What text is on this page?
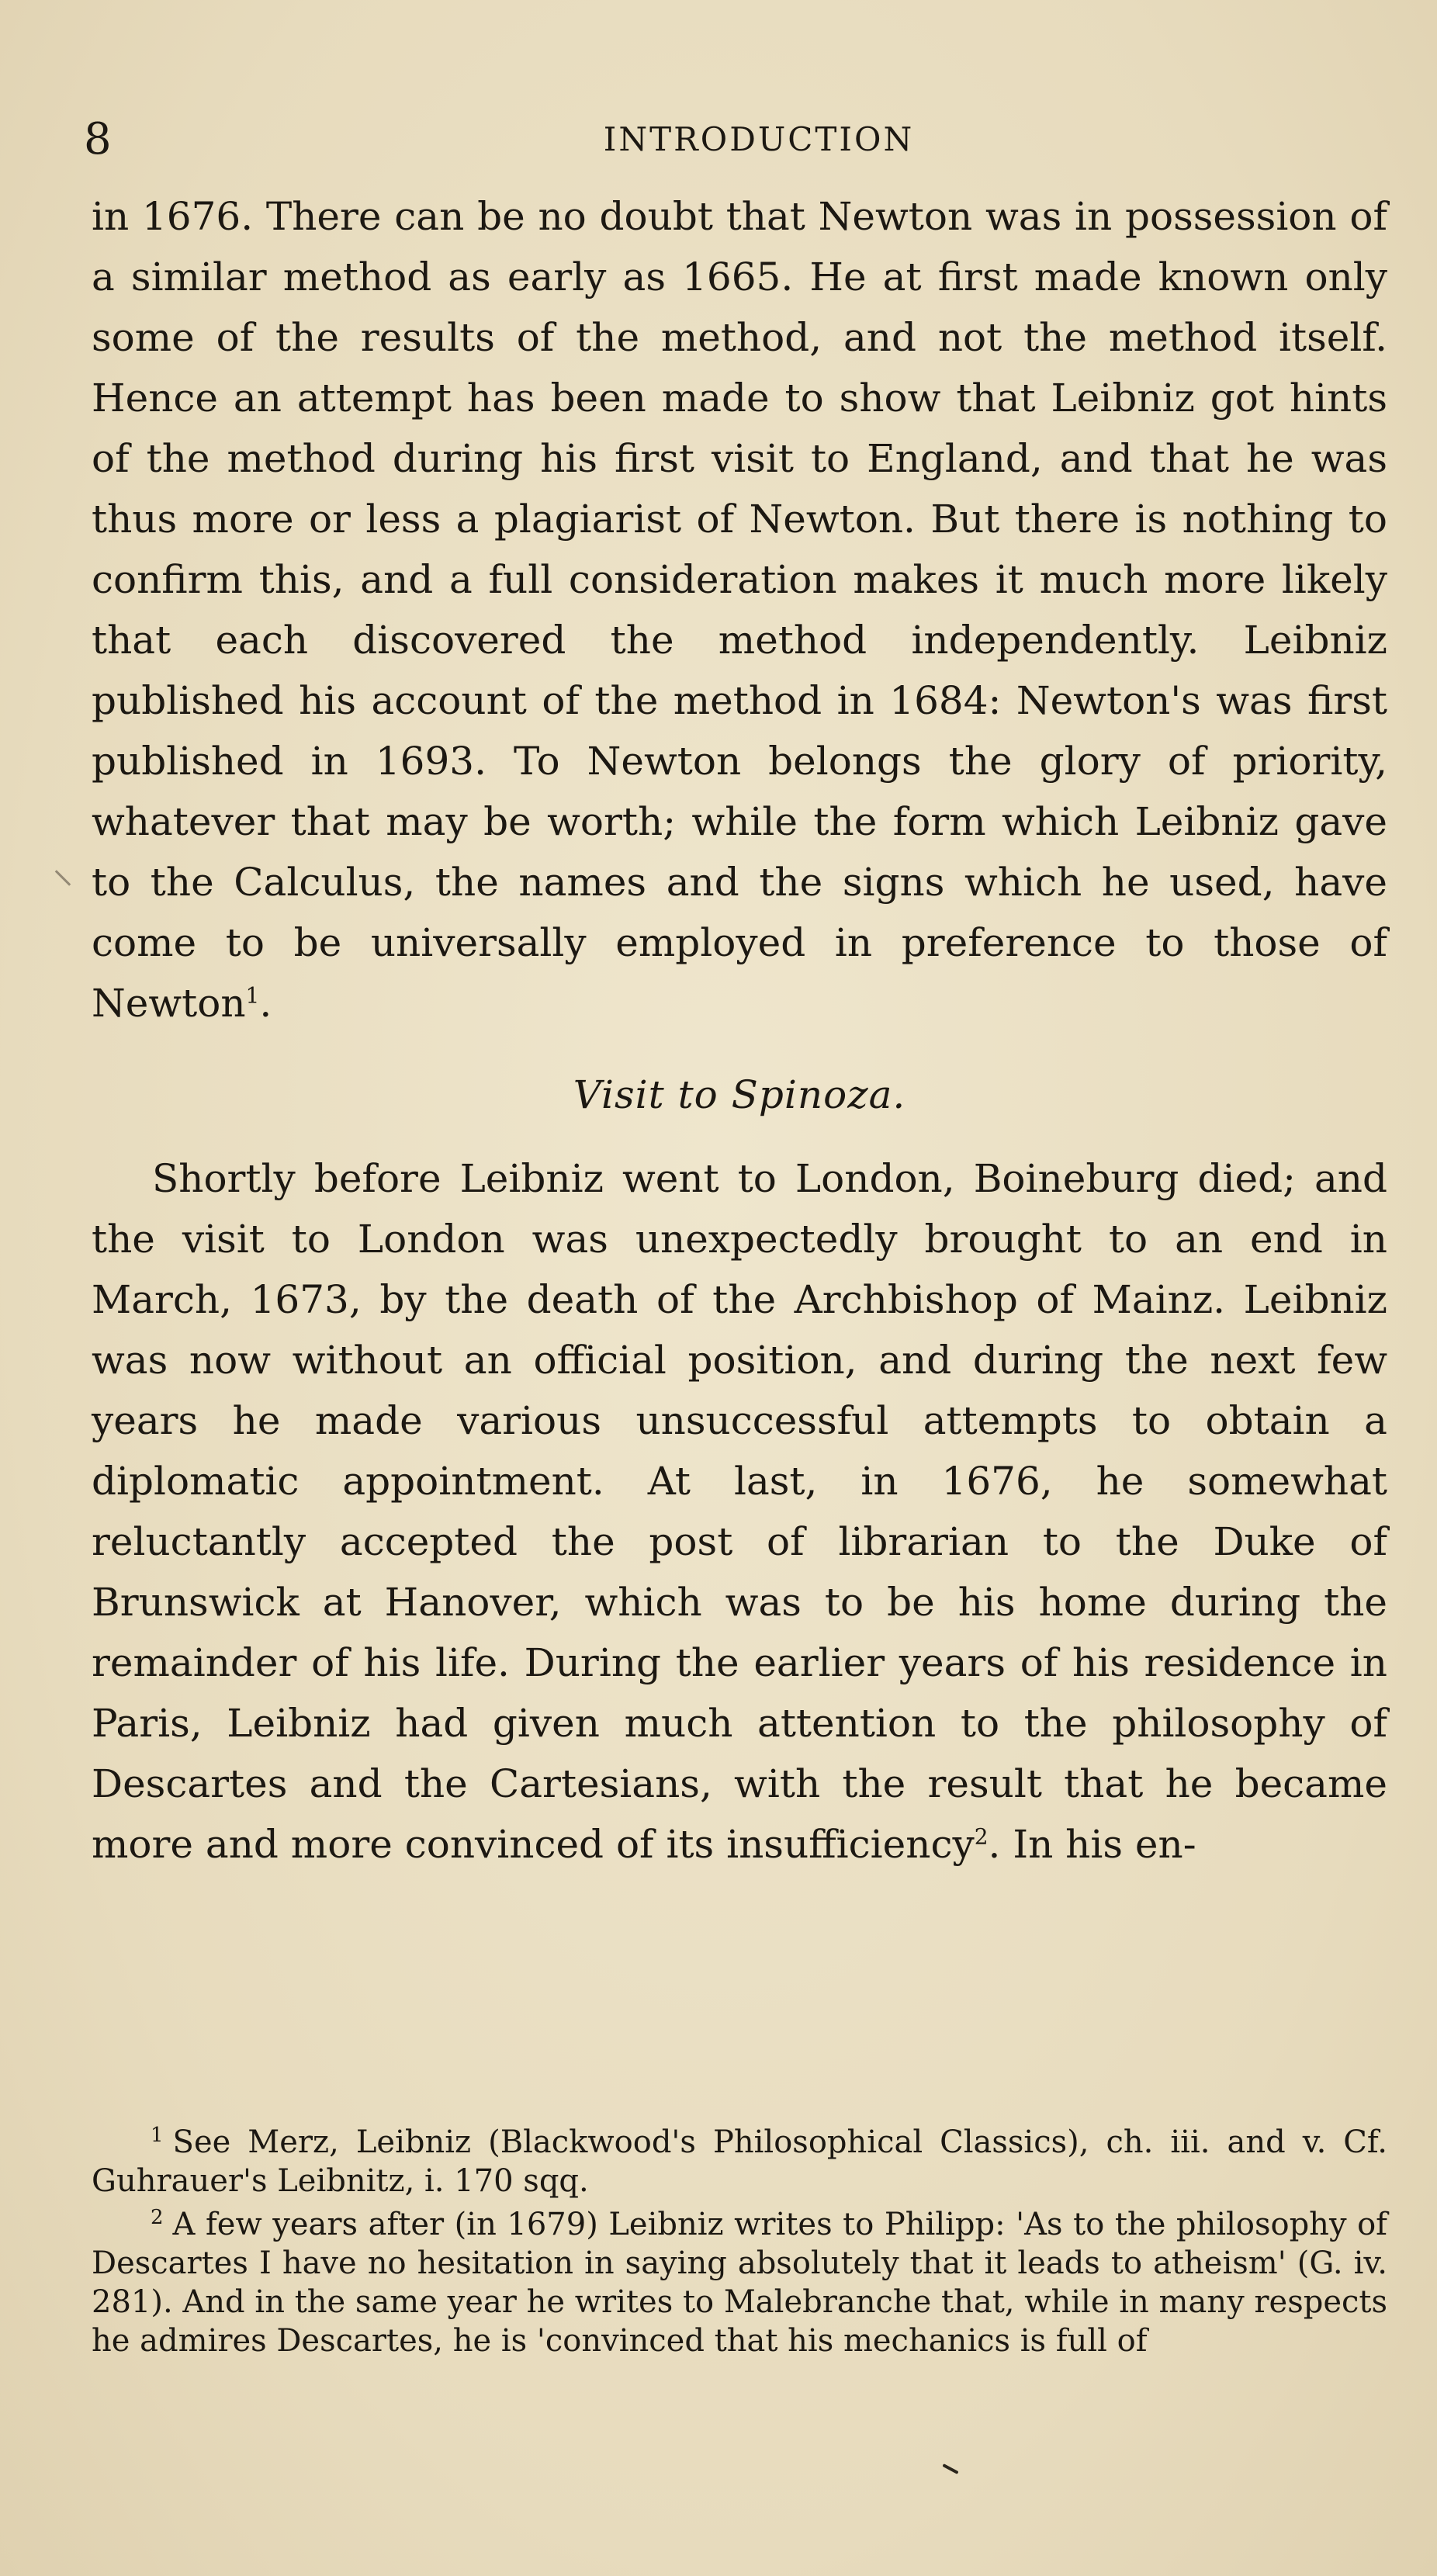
8	INTRODUCTION

in 1676. There can be no doubt that Newton was in possession of a similar method as early as 1665. He at first made known only some of the results of the method, and not the method itself. Hence an attempt has been made to show that Leibniz got hints of the method during his first visit to England, and that he was thus more or less a plagiarist of Newton. But there is nothing to confirm this, and a full consideration makes it much more likely that each discovered the method independently. Leibniz published his account of the method in 1684: Newton's was first published in 1693. To Newton belongs the glory of priority, whatever that may be worth; while the form which Leibniz gave to the Calculus, the names and the signs which he used, have come to be universally employed in preference to those of Newton$^1$.

Visit to Spinoza.

Shortly before Leibniz went to London, Boineburg died; and the visit to London was unexpectedly brought to an end in March, 1673, by the death of the Archbishop of Mainz. Leibniz was now without an official position, and during the next few years he made various unsuccessful attempts to obtain a diplomatic appointment. At last, in 1676, he somewhat reluctantly accepted the post of librarian to the Duke of Brunswick at Hanover, which was to be his home during the remainder of his life. During the earlier years of his residence in Paris, Leibniz had given much attention to the philosophy of Descartes and the Cartesians, with the result that he became more and more convinced of its insufficiency$^2$. In his en-

$^1$ See Merz, Leibniz (Blackwood's Philosophical Classics), ch. iii. and v. Cf. Guhrauer's Leibnitz, i. 170 sqq.

$^2$ A few years after (in 1679) Leibniz writes to Philipp: 'As to the philosophy of Descartes I have no hesitation in saying absolutely that it leads to atheism' (G. iv. 281). And in the same year he writes to Malebranche that, while in many respects he admires Descartes, he is 'convinced that his mechanics is full of
